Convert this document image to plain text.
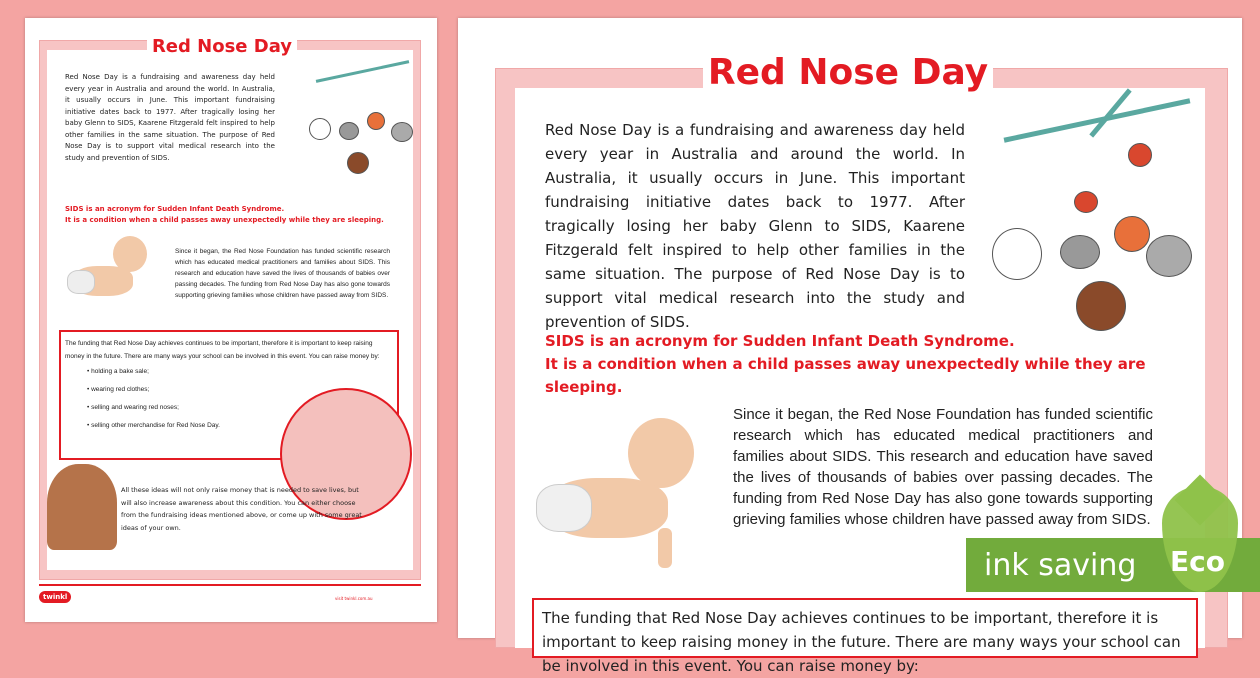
Red Nose Day
Red Nose Day is a fundraising and awareness day held every year in Australia and around the world. In Australia, it usually occurs in June. This important fundraising initiative dates back to 1977. After tragically losing her baby Glenn to SIDS, Kaarene Fitzgerald felt inspired to help other families in the same situation. The purpose of Red Nose Day is to support vital medical research into the study and prevention of SIDS.
SIDS is an acronym for Sudden Infant Death Syndrome.
It is a condition when a child passes away unexpectedly while they are sleeping.
Since it began, the Red Nose Foundation has funded scientific research which has educated medical practitioners and families about SIDS. This research and education have saved the lives of thousands of babies over passing decades. The funding from Red Nose Day has also gone towards supporting grieving families whose children have passed away from SIDS.
The funding that Red Nose Day achieves continues to be important, therefore it is important to keep raising money in the future. There are many ways your school can be involved in this event. You can raise money by:
• holding a bake sale;
• wearing red clothes;
• selling and wearing red noses;
• selling other merchandise for Red Nose Day.
All these ideas will not only raise money that is needed to save lives, but will also increase awareness about this condition. You can either choose from the fundraising ideas mentioned above, or come up with some great ideas of your own.
twinkl	visit twinkl.com.au
Red Nose Day
Red Nose Day is a fundraising and awareness day held every year in Australia and around the world. In Australia, it usually occurs in June. This important fundraising initiative dates back to 1977. After tragically losing her baby Glenn to SIDS, Kaarene Fitzgerald felt inspired to help other families in the same situation. The purpose of Red Nose Day is to support vital medical research into the study and prevention of SIDS.
SIDS is an acronym for Sudden Infant Death Syndrome.
It is a condition when a child passes away unexpectedly while they are sleeping.
Since it began, the Red Nose Foundation has funded scientific research which has educated medical practitioners and families about SIDS. This research and education have saved the lives of thousands of babies over passing decades. The funding from Red Nose Day has also gone towards supporting grieving families whose children have passed away from SIDS.
The funding that Red Nose Day achieves continues to be important, therefore it is important to keep raising money in the future. There are many ways your school can be involved in this event. You can raise money by:
ink saving Eco
